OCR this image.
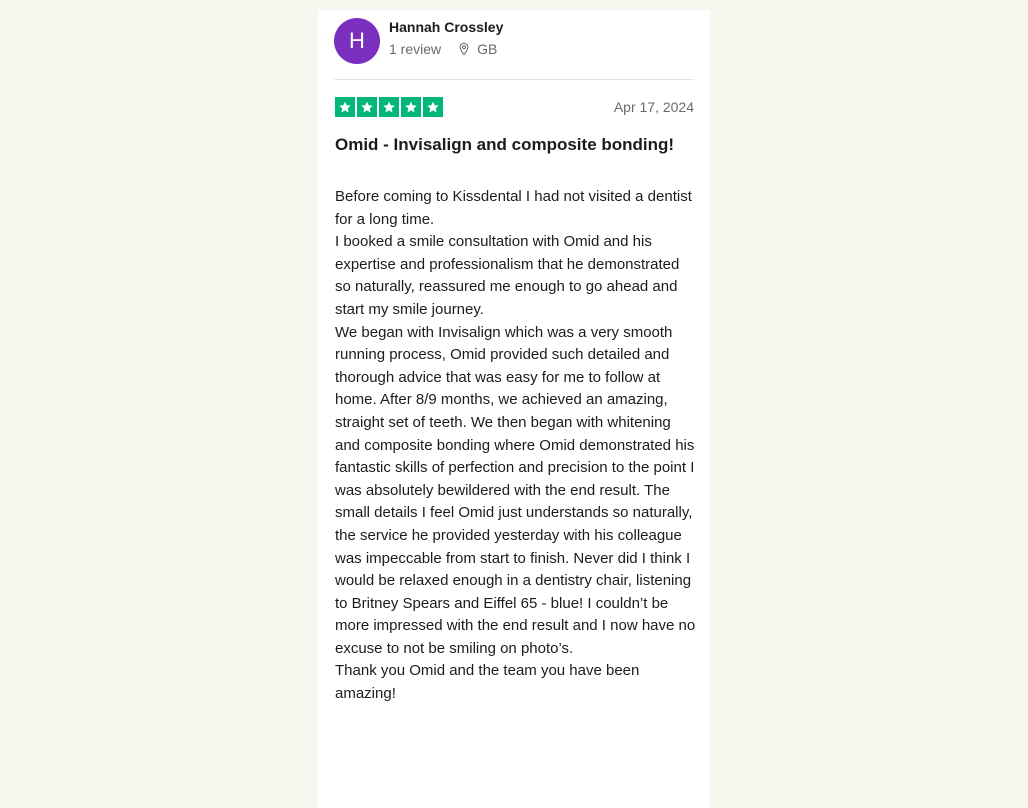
H
Hannah Crossley
1 review	GB
Apr 17, 2024
Omid - Invisalign and composite bonding!

Before coming to Kissdental I had not visited a dentist for a long time.

I booked a smile consultation with Omid and his expertise and professionalism that he demonstrated so naturally, reassured me enough to go ahead and start my smile journey.

We began with Invisalign which was a very smooth running process, Omid provided such detailed and thorough advice that was easy for me to follow at home. After 8/9 months, we achieved an amazing, straight set of teeth. We then began with whitening and composite bonding where Omid demonstrated his fantastic skills of perfection and precision to the point I was absolutely bewildered with the end result. The small details I feel Omid just understands so naturally, the service he provided yesterday with his colleague was impeccable from start to finish. Never did I think I would be relaxed enough in a dentistry chair, listening to Britney Spears and Eiffel 65 - blue! I couldn’t be more impressed with the end result and I now have no excuse to not be smiling on photo’s.

Thank you Omid and the team you have been amazing!
